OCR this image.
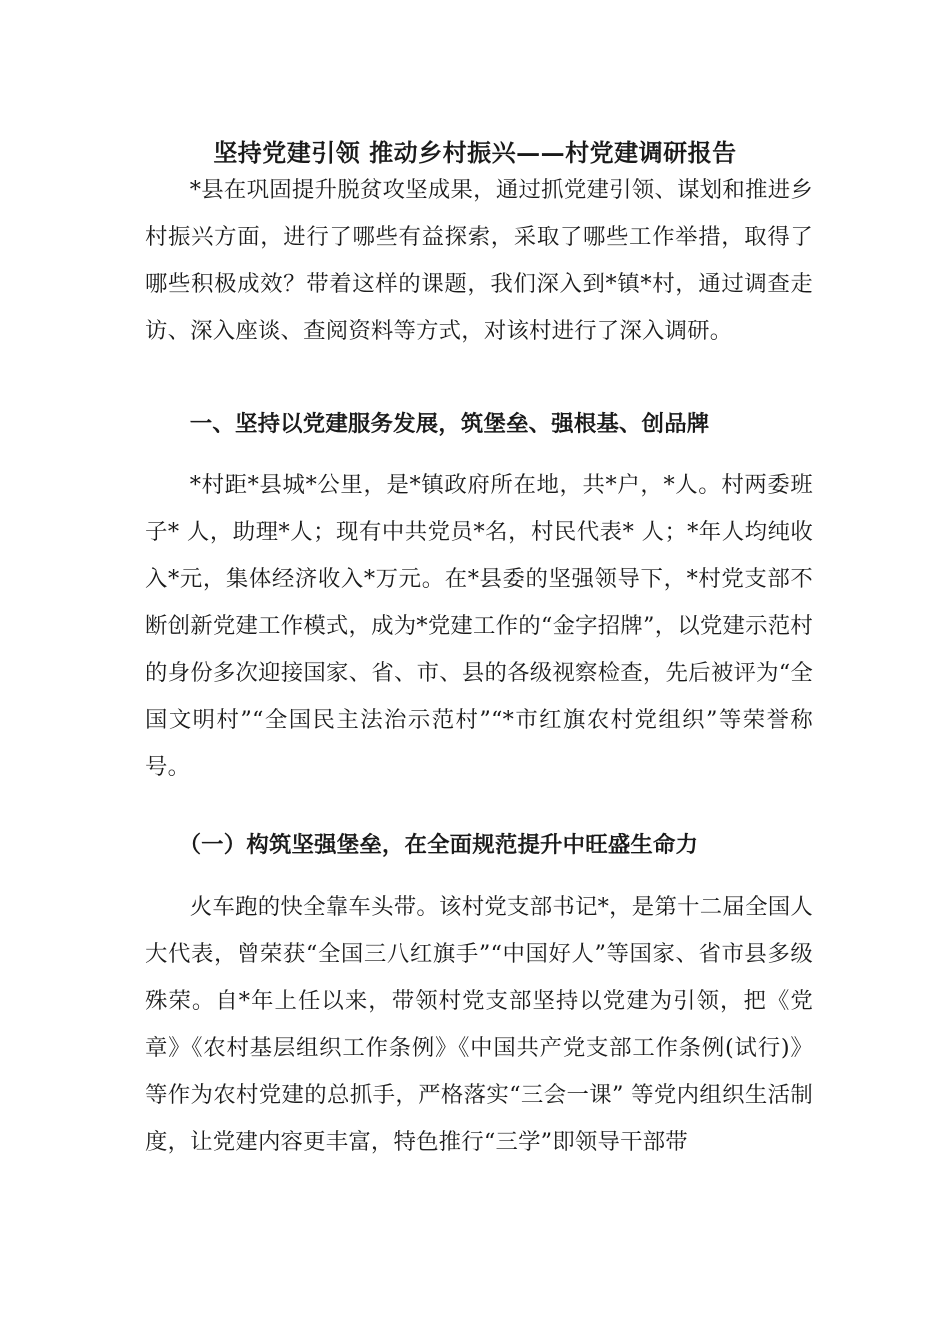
坚持党建引领 推动乡村振兴——村党建调研报告

*县在巩固提升脱贫攻坚成果，通过抓党建引领、谋划和推进乡村振兴方面，进行了哪些有益探索，采取了哪些工作举措，取得了哪些积极成效？带着这样的课题，我们深入到*镇*村，通过调查走访、深入座谈、查阅资料等方式，对该村进行了深入调研。

一、坚持以党建服务发展，筑堡垒、强根基、创品牌

*村距*县城*公里，是*镇政府所在地，共*户，*人。村两委班子* 人，助理*人；现有中共党员*名，村民代表* 人；*年人均纯收入*元，集体经济收入*万元。在*县委的坚强领导下，*村党支部不断创新党建工作模式，成为*党建工作的“金字招牌”，以党建示范村的身份多次迎接国家、省、市、县的各级视察检查，先后被评为“全国文明村”“全国民主法治示范村”“*市红旗农村党组织”等荣誉称号。

（一）构筑坚强堡垒，在全面规范提升中旺盛生命力

火车跑的快全靠车头带。该村党支部书记*，是第十二届全国人大代表，曾荣获“全国三八红旗手”“中国好人”等国家、省市县多级殊荣。自*年上任以来，带领村党支部坚持以党建为引领，把《党章》《农村基层组织工作条例》《中国共产党支部工作条例(试行)》等作为农村党建的总抓手，严格落实“三会一课” 等党内组织生活制度，让党建内容更丰富，特色推行“三学”即领导干部带
